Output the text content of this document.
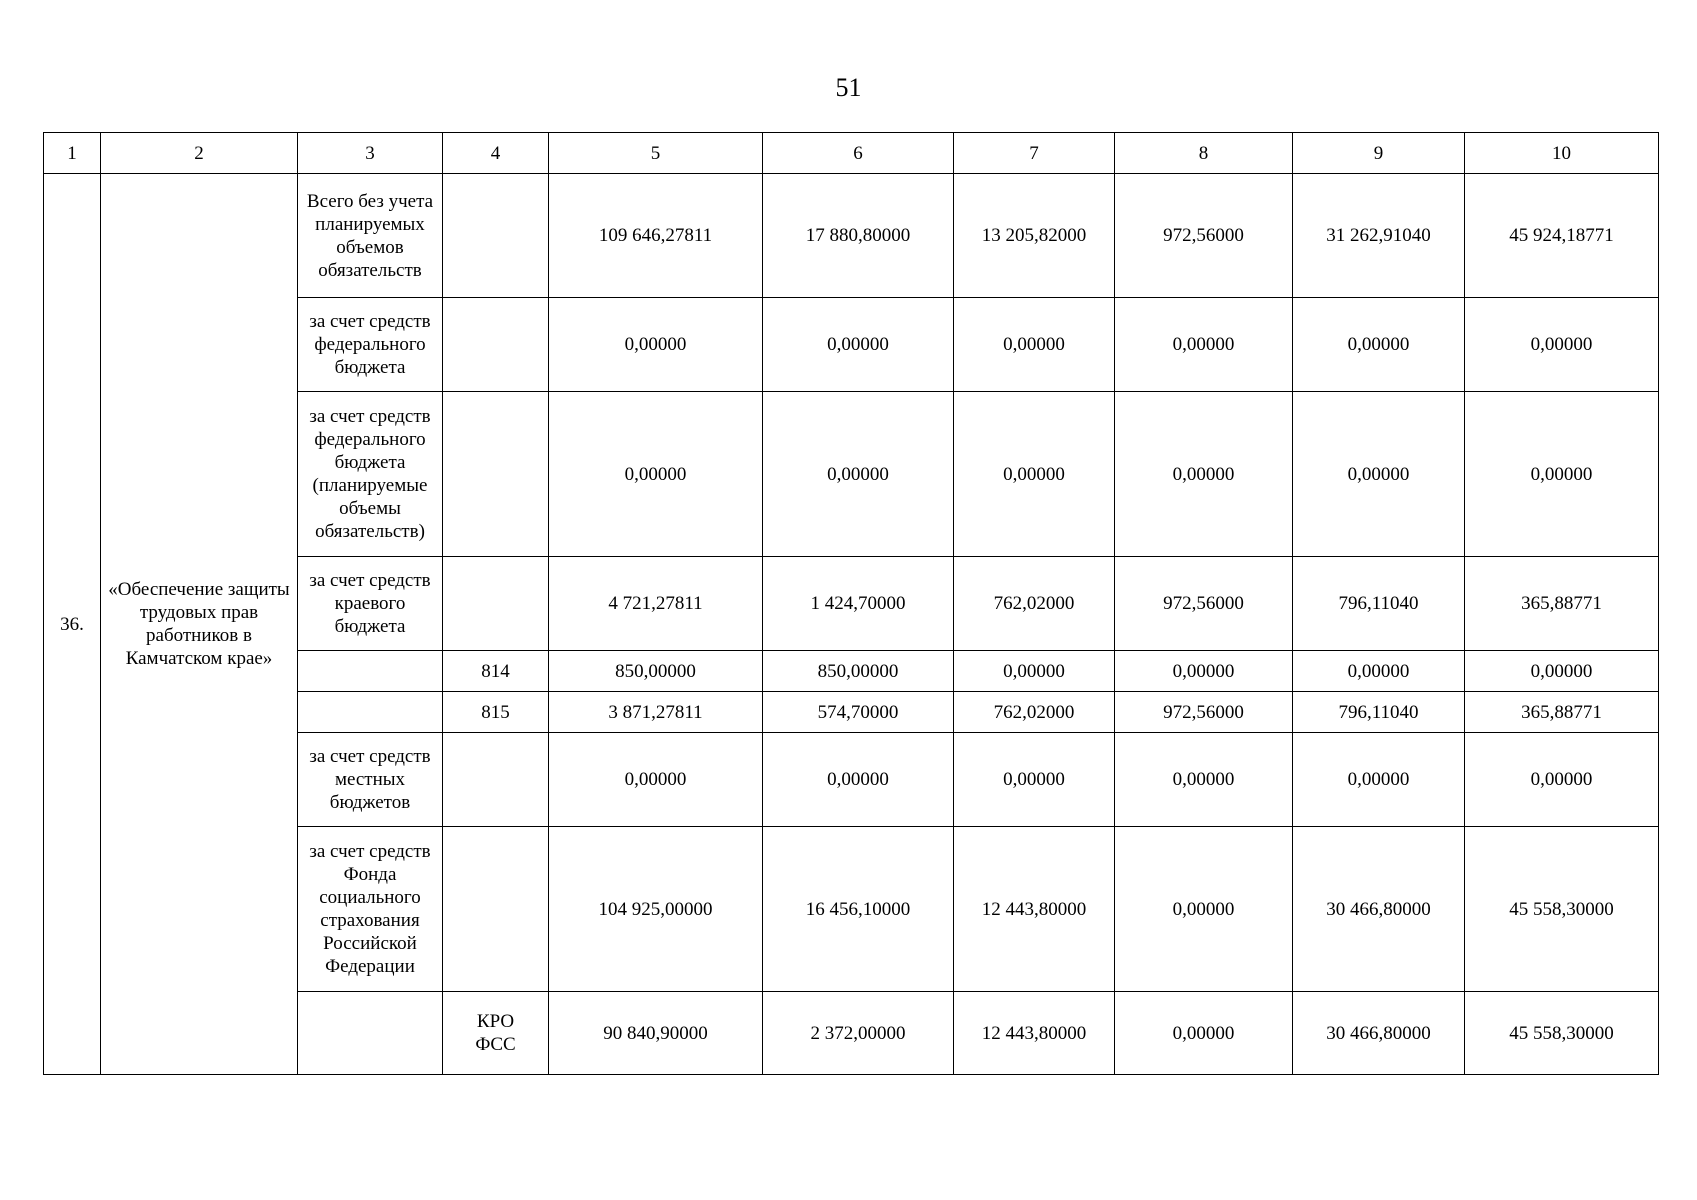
51
1	2	3	4	5	6	7	8	9	10
36.	«Обеспечение защиты трудовых прав работников в Камчатском крае»	Всего без учета планируемых объемов обязательств		109 646,27811	17 880,80000	13 205,82000	972,56000	31 262,91040	45 924,18771
		за счет средств федерального бюджета		0,00000	0,00000	0,00000	0,00000	0,00000	0,00000
		за счет средств федерального бюджета (планируемые объемы обязательств)		0,00000	0,00000	0,00000	0,00000	0,00000	0,00000
		за счет средств краевого бюджета		4 721,27811	1 424,70000	762,02000	972,56000	796,11040	365,88771
			814	850,00000	850,00000	0,00000	0,00000	0,00000	0,00000
			815	3 871,27811	574,70000	762,02000	972,56000	796,11040	365,88771
		за счет средств местных бюджетов		0,00000	0,00000	0,00000	0,00000	0,00000	0,00000
		за счет средств Фонда социального страхования Российской Федерации		104 925,00000	16 456,10000	12 443,80000	0,00000	30 466,80000	45 558,30000
			КРО ФСС	90 840,90000	2 372,00000	12 443,80000	0,00000	30 466,80000	45 558,30000
